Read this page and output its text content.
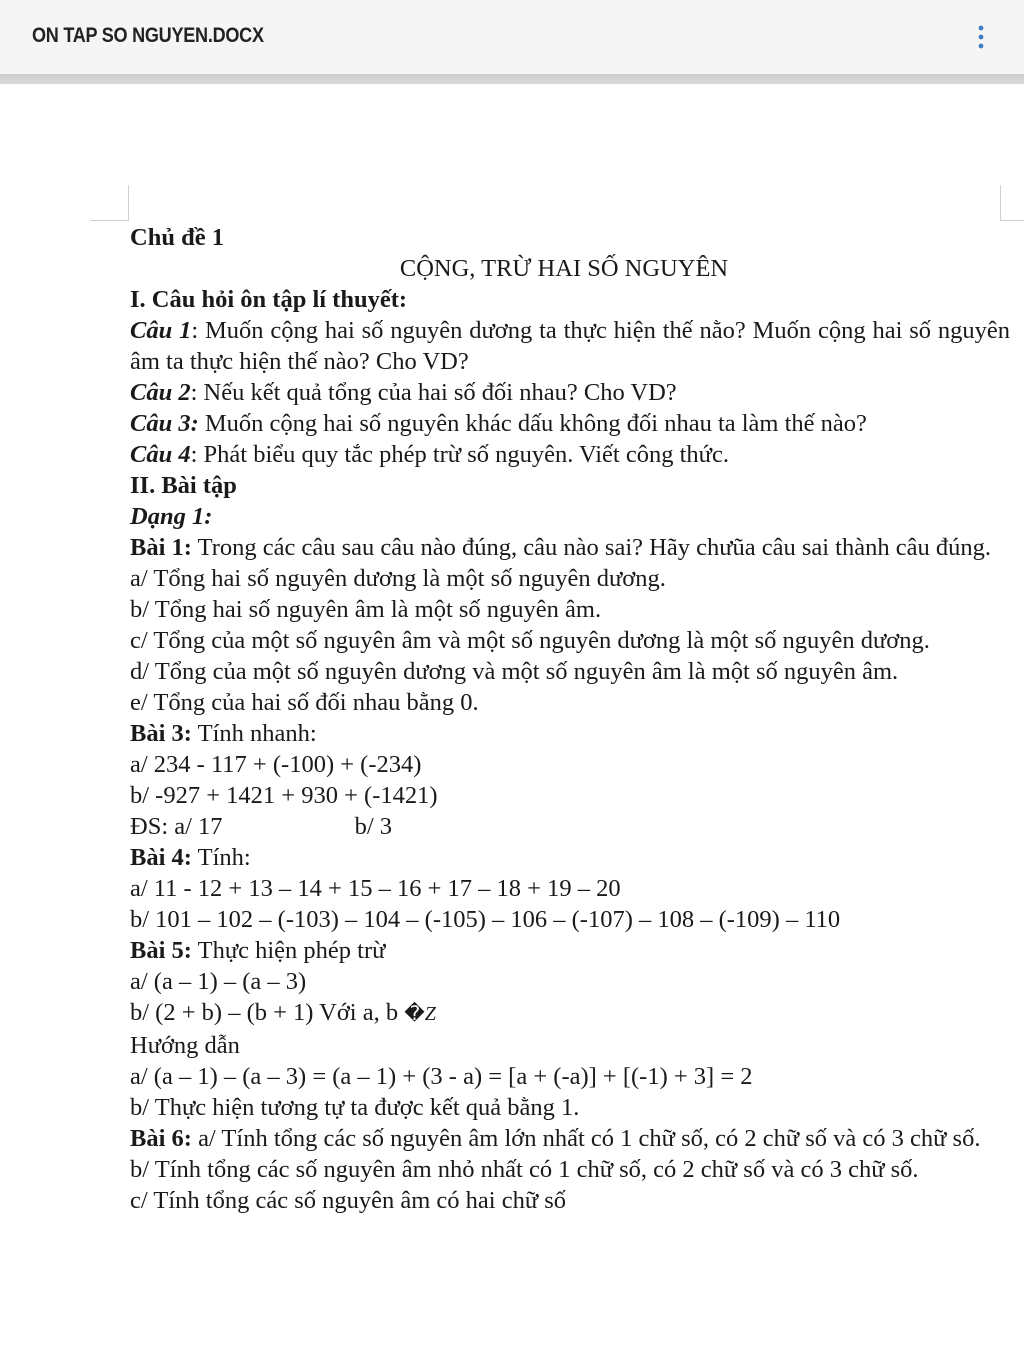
ON TAP SO NGUYEN.DOCX

Chủ đề 1

CỘNG, TRỪ HAI SỐ NGUYÊN

I. Câu hỏi ôn tập lí thuyết:

Câu 1: Muốn cộng hai số nguyên dương ta thực hiện thế nằo? Muốn cộng hai số nguyên âm ta thực hiện thế nào? Cho VD?

Câu 2: Nếu kết quả tổng của hai số đối nhau? Cho VD?

Câu 3: Muốn cộng hai số nguyên khác dấu không đối nhau ta làm thế nào?

Câu 4: Phát biểu quy tắc phép trừ số nguyên. Viết công thức.

II. Bài tập

Dạng 1:

Bài 1: Trong các câu sau câu nào đúng, câu nào sai? Hãy chưũa câu sai thành câu đúng.

a/ Tổng hai số nguyên dương là một số nguyên dương.

b/ Tổng hai số nguyên âm là một số nguyên âm.

c/ Tổng của một số nguyên âm và một số nguyên dương là một số nguyên dương.

d/ Tổng của một số nguyên dương và một số nguyên âm là một số nguyên âm.

e/ Tổng của hai số đối nhau bằng 0.

Bài 3: Tính nhanh:

a/ 234 - 117 + (-100) + (-234)

b/ -927 + 1421 + 930 + (-1421)

ĐS: a/ 17	b/ 3

Bài 4: Tính:

a/ 11 - 12 + 13 – 14 + 15 – 16 + 17 – 18 + 19 – 20

b/ 101 – 102 – (-103) – 104 – (-105) – 106 – (-107) – 108 – (-109) – 110

Bài 5: Thực hiện phép trừ

a/ (a – 1) – (a – 3)

b/ (2 + b) – (b + 1) Với a, b �Z

Hướng dẫn

a/ (a – 1) – (a – 3) = (a – 1) + (3 - a) = [a + (-a)] + [(-1) + 3] = 2

b/ Thực hiện tương tự ta được kết quả bằng 1.

Bài 6: a/ Tính tổng các số nguyên âm lớn nhất có 1 chữ số, có 2 chữ số và có 3 chữ số.

b/ Tính tổng các số nguyên âm nhỏ nhất có 1 chữ số, có 2 chữ số và có 3 chữ số.

c/ Tính tổng các số nguyên âm có hai chữ số
